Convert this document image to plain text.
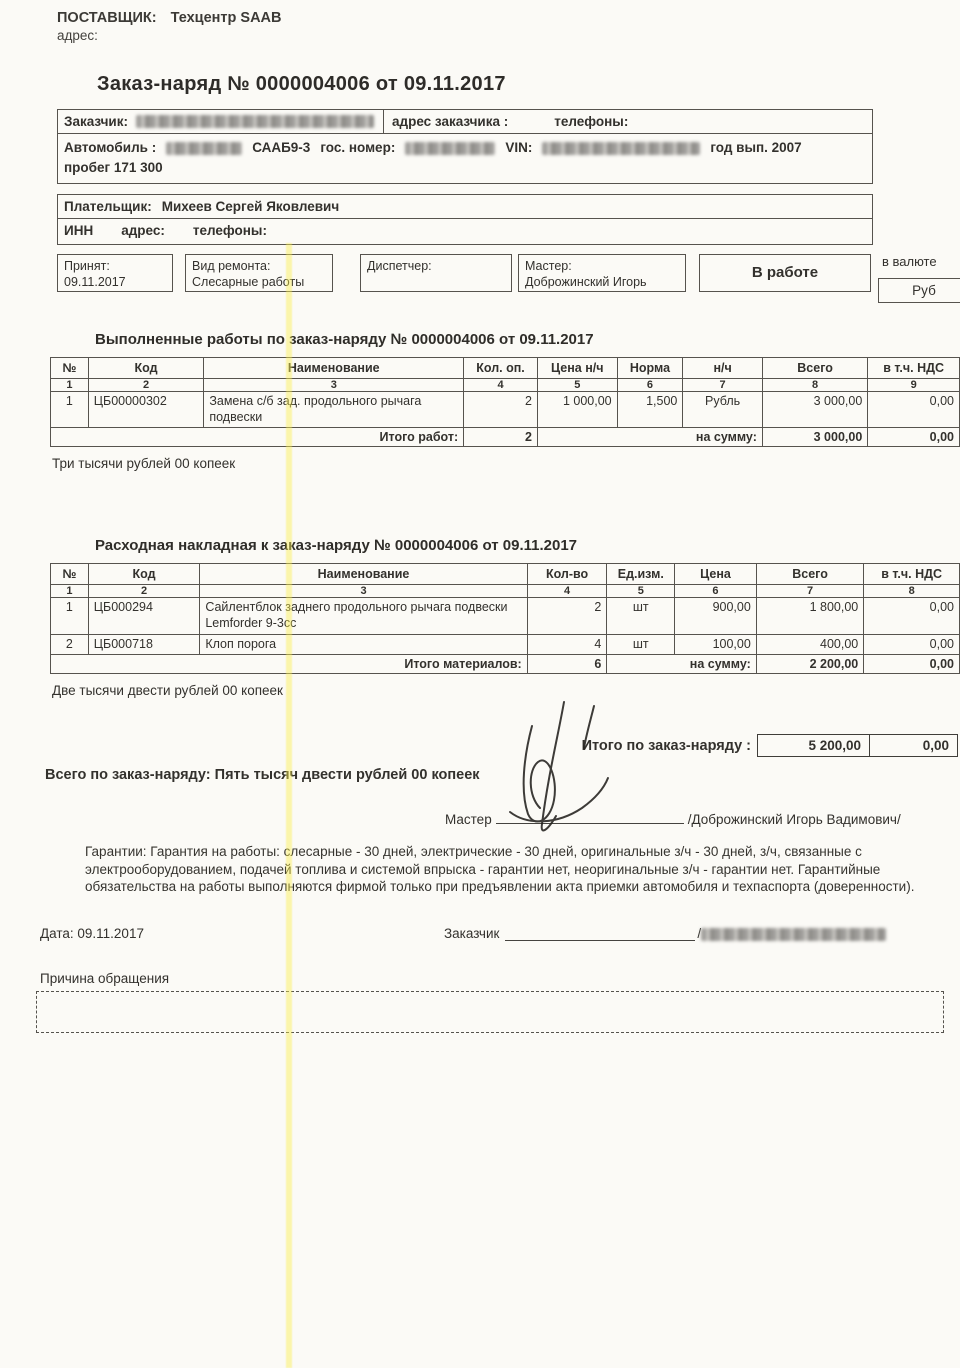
ПОСТАВЩИК: Техцентр SAAB
адрес:
Заказ-наряд № 0000004006 от 09.11.2017
Заказчик:	адрес заказчика :	телефоны:
Автомобиль :	СААБ9-3 гос. номер:	VIN:	год вып. 2007
пробег 171 300
Плательщик: Михеев Сергей Яковлевич
ИНН адрес: телефоны:
Принят:
09.11.2017
Вид ремонта:
Слесарные работы
Диспетчер:	Мастер:
Доброжинский Игорь
В работе
в валюте
Руб
Выполненные работы по заказ-наряду № 0000004006 от 09.11.2017
№	Код	Наименование	Кол. оп.	Цена н/ч	Норма	н/ч	Всего	в т.ч. НДС
1	2	3	4	5	6	7	8	9
1	ЦБ00000302	Замена с/б зад. продольного рычага подвески	2	1 000,00	1,500	Рубль	3 000,00	0,00
Итого работ:			2	на сумму:			3 000,00	0,00
Три тысячи рублей 00 копеек
Расходная накладная к заказ-наряду № 0000004006 от 09.11.2017
№	Код	Наименование	Кол-во	Ед.изм.	Цена	Всего	в т.ч. НДС
1	2	3	4	5	6	7	8
1	ЦБ000294	Сайлентблок заднего продольного рычага подвески Lemforder 9-3cc	2	шт	900,00	1 800,00	0,00
2	ЦБ000718	Клоп порога	4	шт	100,00	400,00	0,00
Итого материалов:			6	на сумму:		2 200,00	0,00
Две тысячи двести рублей 00 копеек
Итого по заказ-наряду :	5 200,00	0,00
Всего по заказ-наряду: Пять тысяч двести рублей 00 копеек
Мастер	/Доброжинский Игорь Вадимович/
Гарантии: Гарантия на работы: слесарные - 30 дней, электрические - 30 дней, оригинальные з/ч - 30 дней, з/ч, связанные с электрооборудованием, подачей топлива и системой впрыска - гарантии нет, неоригинальные з/ч - гарантии нет. Гарантийные обязательства на работы выполняются фирмой только при предъявлении акта приемки автомобиля и техпаспорта (доверенности).
Дата: 09.11.2017	Заказчик	/
Причина обращения
